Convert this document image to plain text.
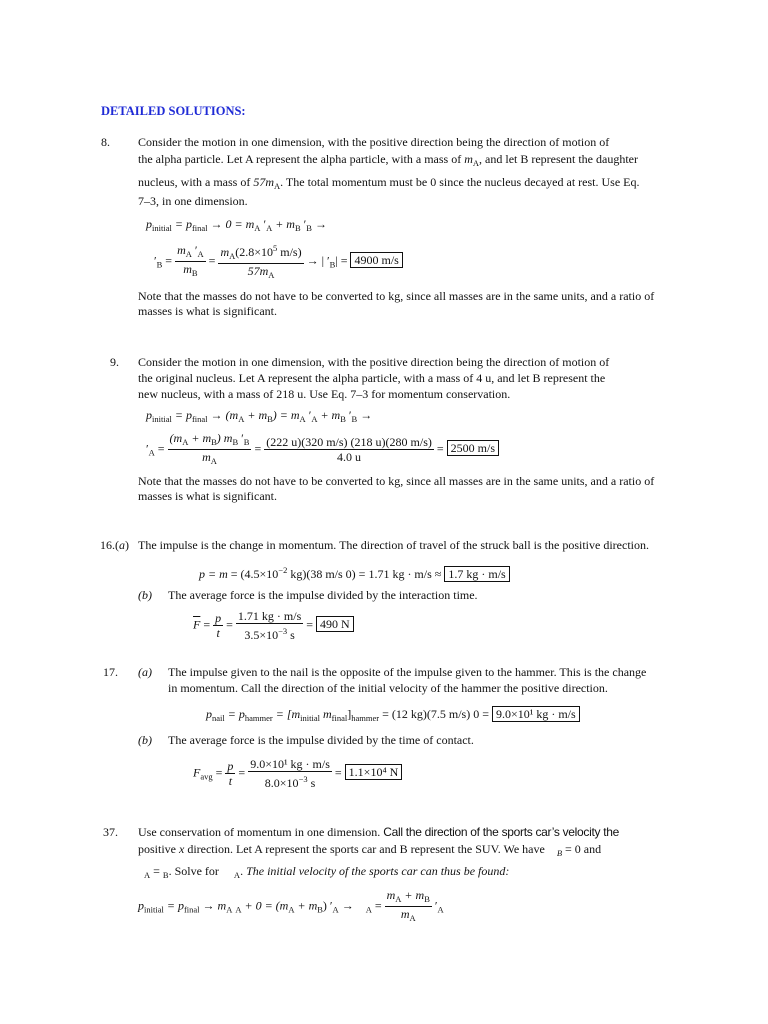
DETAILED SOLUTIONS:
8. Consider the motion in one dimension, with the positive direction being the direction of motion of
the alpha particle. Let A represent the alpha particle, with a mass of $m_A$, and let B represent the daughter
nucleus, with a mass of $57m_A$. The total momentum must be 0 since the nucleus decayed at rest. Use Eq.
7–3, in one dimension.
$p_{initial} = p_{final} \to 0 = m_A$ $'_A + m_B$ $'_B$ →
$'_B = \frac{m_A '_A}{m_B} = \frac{m_A(2.8\times 10^5 m/s)}{57m_A}$ → | $'_B| = 4900$ m/s
Note that the masses do not have to be converted to kg, since all masses are in the same units, and a ratio of
masses is what is significant.
9. Consider the motion in one dimension, with the positive direction being the direction of motion of
the original nucleus. Let A represent the alpha particle, with a mass of 4 u, and let B represent the
new nucleus, with a mass of 218 u. Use Eq. 7–3 for momentum conservation.
$p_{initial} = p_{final} \to (m_A + m_B) = m_A$ $'_A + m_B$ $'_B$ →
$'_A = \frac{(m_A + m_B) m_B '_B}{m_A} = \frac{(222 u)(320 m/s) (218 u)(280 m/s)}{4.0 u} = 2500$ m/s
Note that the masses do not have to be converted to kg, since all masses are in the same units, and a ratio of
masses is what is significant.
16.(a) The impulse is the change in momentum. The direction of travel of the struck ball is the positive direction.
$p = m = (4.5\times 10^{-2}$ kg)(38 m/s 0) = 1.71 kg · m/s ≈ 1.7 kg · m/s
(b) The average force is the impulse divided by the interaction time.
$\overline{F} = \frac{p}{t} = \frac{1.71 kg \cdot m/s}{3.5\times 10^{-3} s} = 490$ N
17. (a) The impulse given to the nail is the opposite of the impulse given to the hammer. This is the change
in momentum. Call the direction of the initial velocity of the hammer the positive direction.
$p_{nail} = p_{hammer} = [m_{initial}$ $m_{final}]_{hammer} = (12$ kg)(7.5 m/s) 0 = 9.0×10¹ kg · m/s
(b) The average force is the impulse divided by the time of contact.
$F_{avg} = \frac{p}{t} = \frac{\text{9.0×10¹ kg · m/s}}{8.0\times 10^{-3} s} = 1.1\times 10^4$ N
37. Use conservation of momentum in one dimension. Call the direction of the sports car’s velocity the
positive x direction. Let A represent the sports car and B represent the SUV. We have $_B$ = 0 and
$_A$ = $_B$. Solve for $_A$. The initial velocity of the sports car can thus be found:
$p_{initial} = p_{final} \to m_A$ $_A + 0 = (m_A + m_B) '_A \to _A = \frac{m_A + m_B}{m_A} '_A$
